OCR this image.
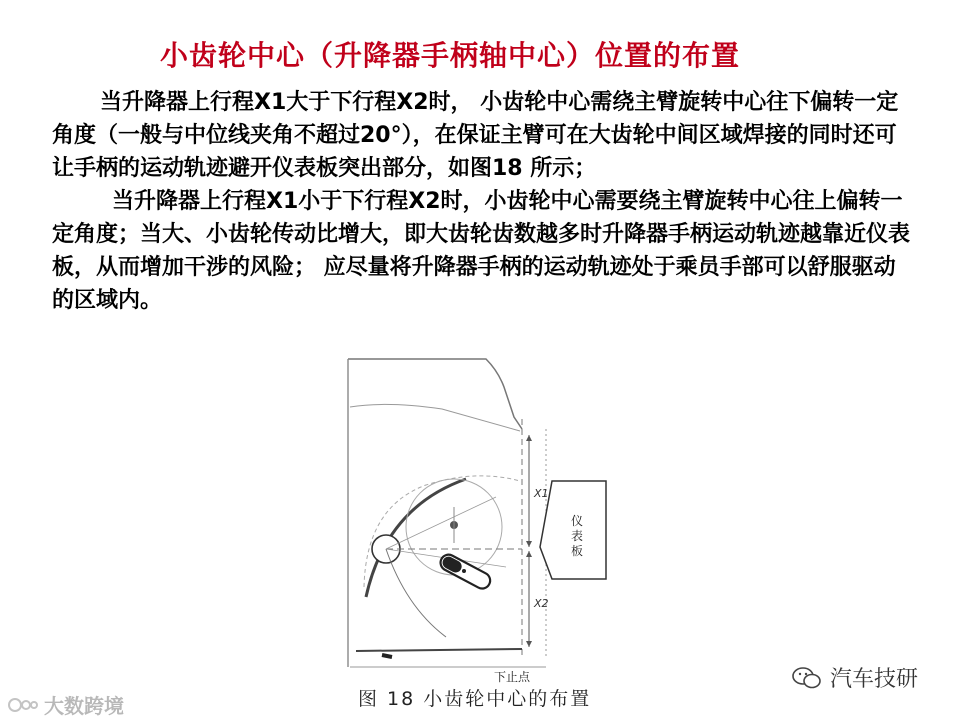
小齿轮中心（升降器手柄轴中心）位置的布置

当升降器上行程X1大于下行程X2时， 小齿轮中心需绕主臂旋转中心往下偏转一定角度（一般与中位线夹角不超过20°），在保证主臂可在大齿轮中间区域焊接的同时还可让手柄的运动轨迹避开仪表板突出部分，如图18 所示；

当升降器上行程X1小于下行程X2时，小齿轮中心需要绕主臂旋转中心往上偏转一定角度；当大、小齿轮传动比增大，即大齿轮齿数越多时升降器手柄运动轨迹越靠近仪表板，从而增加干涉的风险； 应尽量将升降器手柄的运动轨迹处于乘员手部可以舒服驱动的区域内。

仪
表
板
X1
X2
下止点
图 18 小齿轮中心的布置
大数跨境
汽车技研
